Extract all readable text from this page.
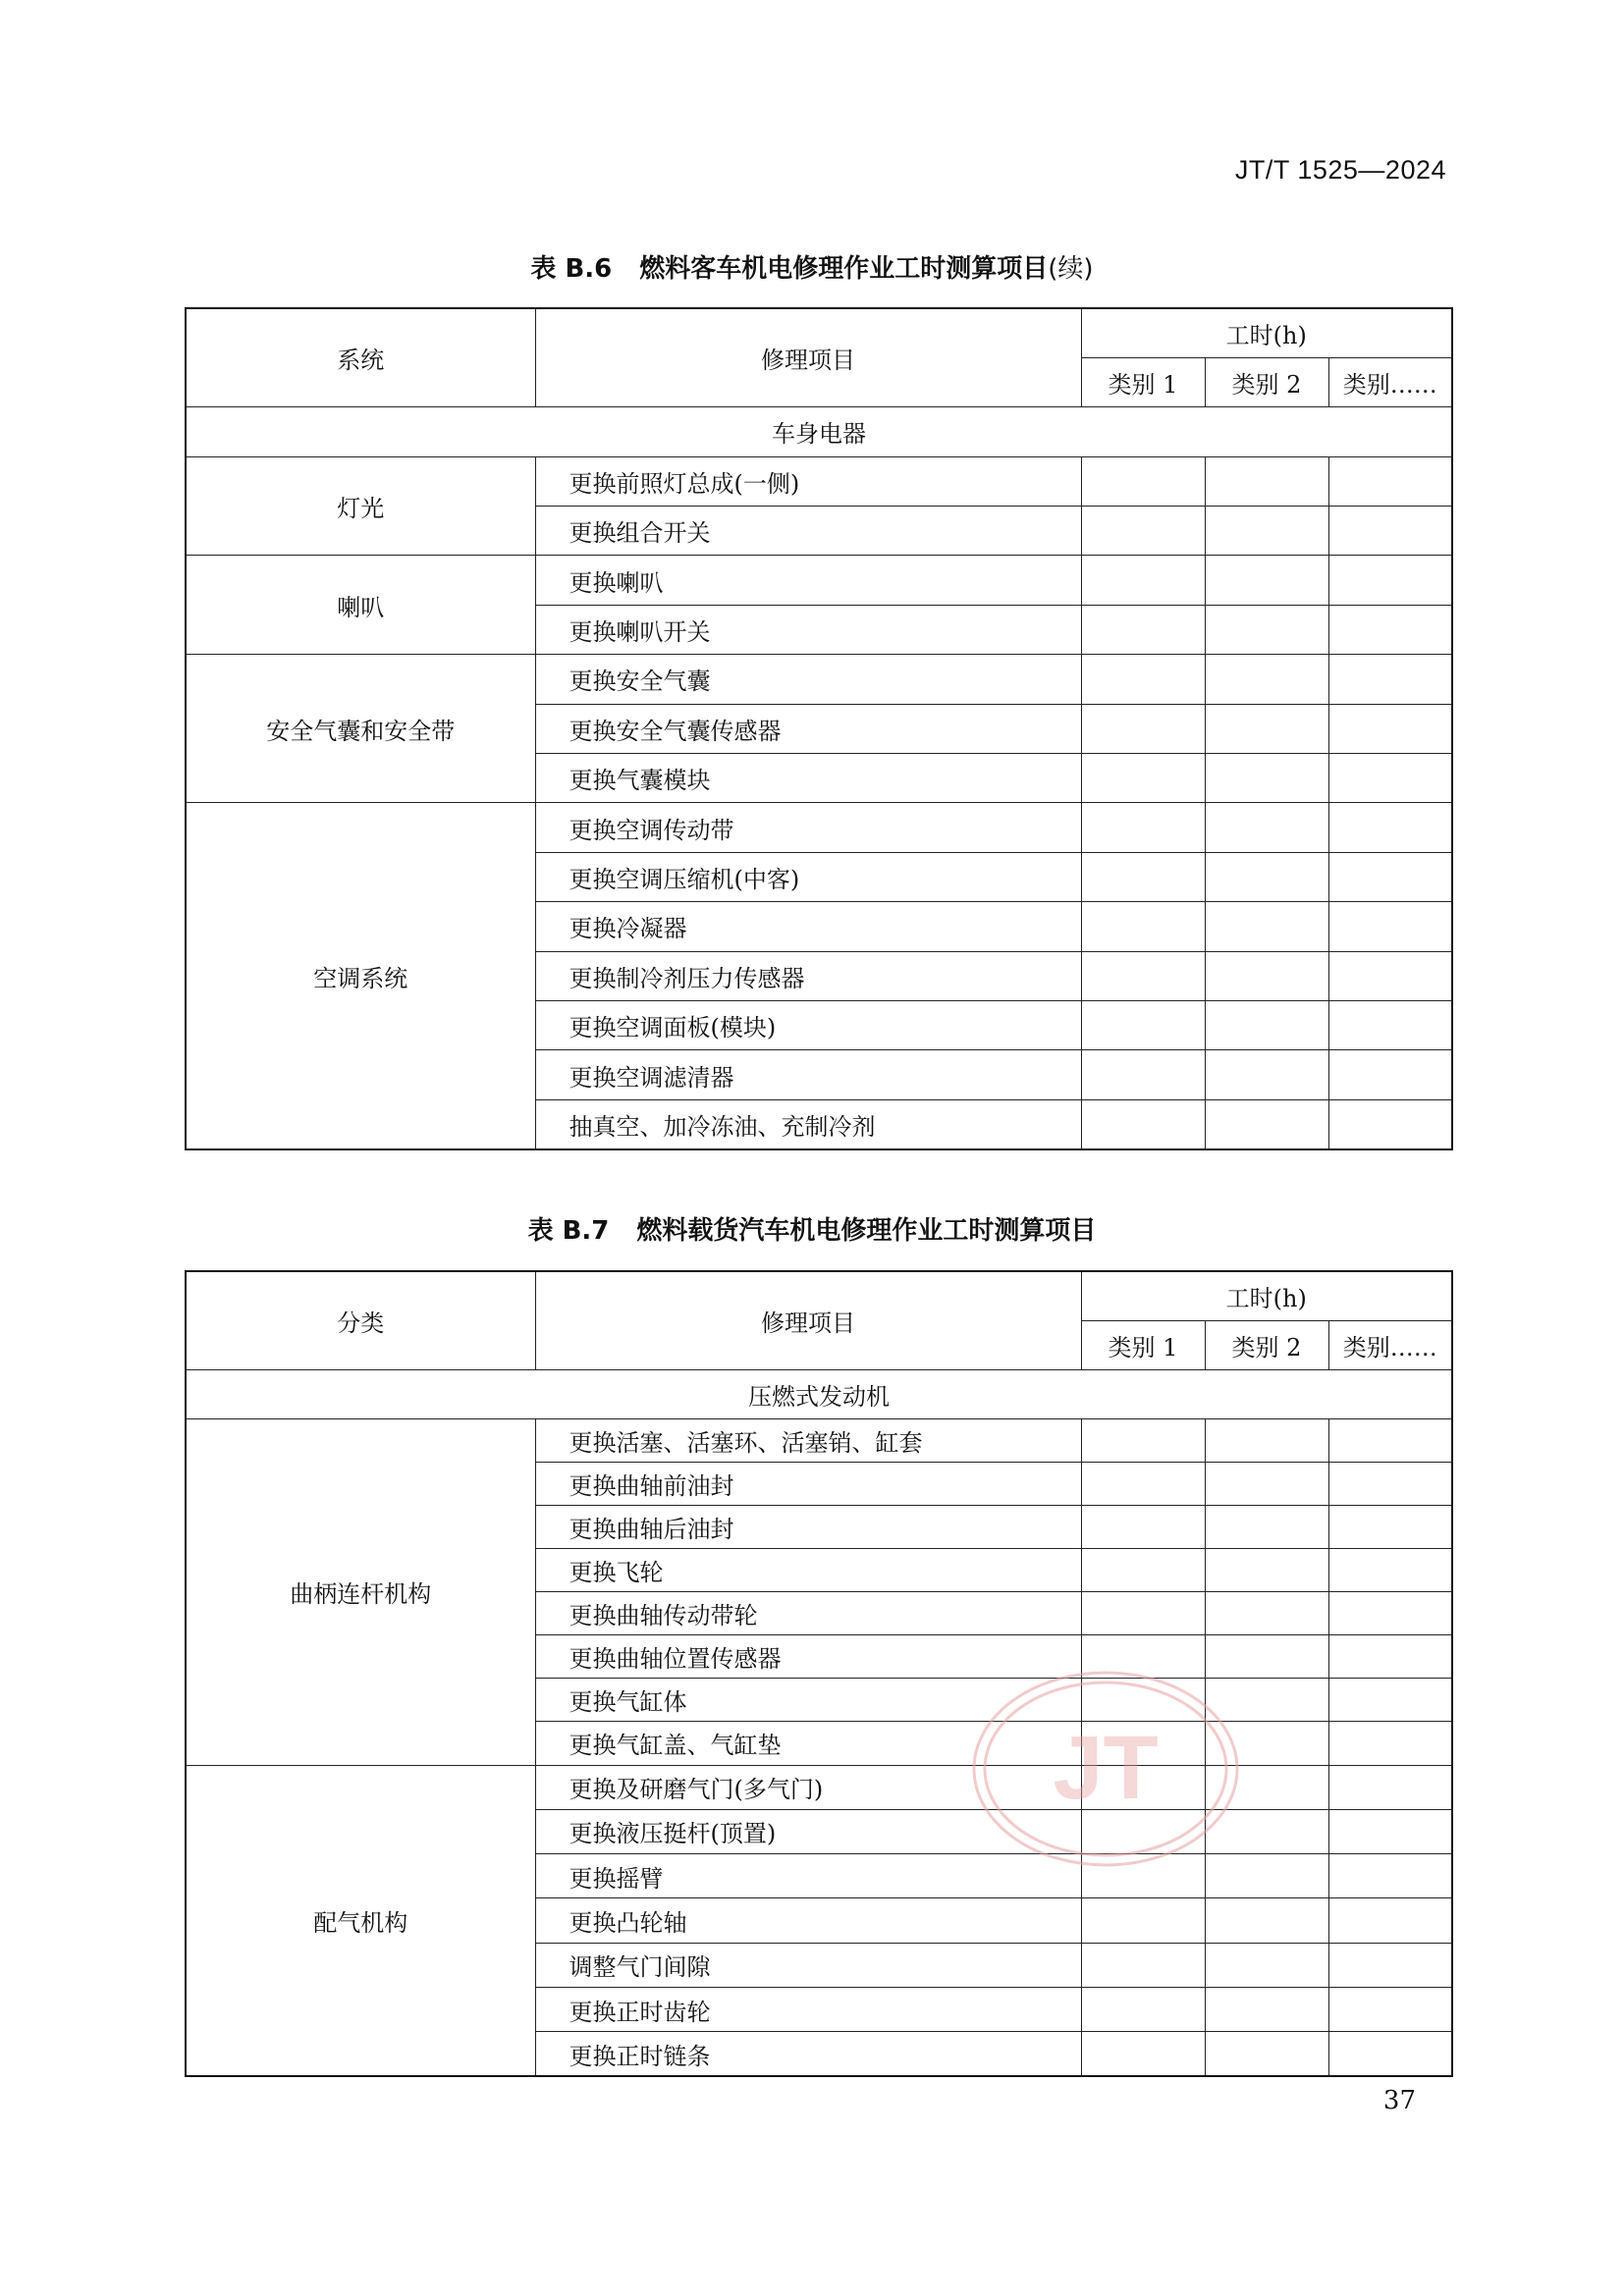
JT/T 1525—2024
表 B.6 燃料客车机电修理作业工时测算项目(续)
系统	修理项目	工时(h)		
		类别 1	类别 2	类别……
车身电器				
灯光	更换前照灯总成(一侧)			
	更换组合开关			
喇叭	更换喇叭			
	更换喇叭开关			
安全气囊和安全带	更换安全气囊			
	更换安全气囊传感器			
	更换气囊模块			
空调系统	更换空调传动带			
	更换空调压缩机(中客)			
	更换冷凝器			
	更换制冷剂压力传感器			
	更换空调面板(模块)			
	更换空调滤清器			
	抽真空、加冷冻油、充制冷剂			
表 B.7 燃料载货汽车机电修理作业工时测算项目
分类	修理项目	工时(h)		
		类别 1	类别 2	类别……
压燃式发动机				
曲柄连杆机构	更换活塞、活塞环、活塞销、缸套			
	更换曲轴前油封			
	更换曲轴后油封			
	更换飞轮			
	更换曲轴传动带轮			
	更换曲轴位置传感器			
	更换气缸体			
	更换气缸盖、气缸垫			
配气机构	更换及研磨气门(多气门)			
	更换液压挺杆(顶置)			
	更换摇臂			
	更换凸轮轴			
	调整气门间隙			
	更换正时齿轮			
	更换正时链条			
37
JT
